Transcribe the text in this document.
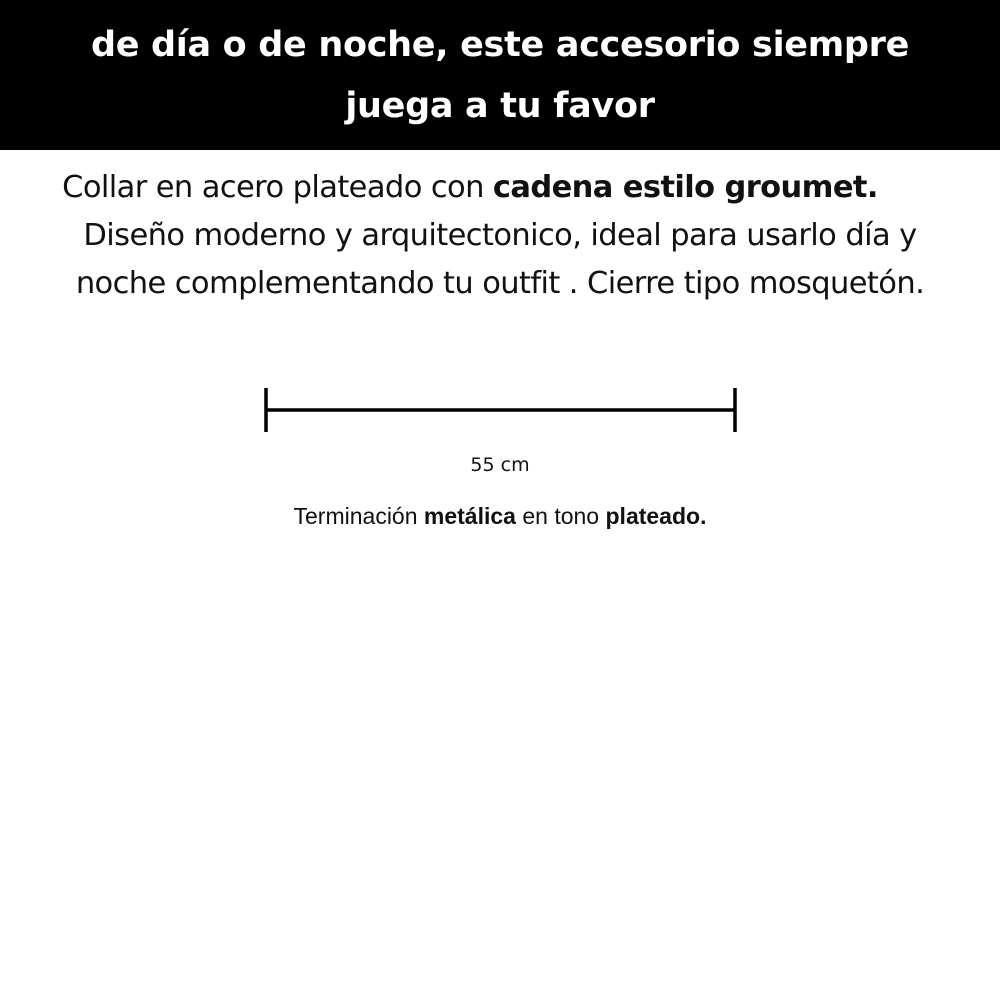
de día o de noche, este accesorio siempre
juega a tu favor
Collar en acero plateado con cadena estilo groumet.
Diseño moderno y arquitectonico, ideal para usarlo día y
noche complementando tu outfit . Cierre tipo mosquetón.
55 cm
Terminación metálica en tono plateado.
